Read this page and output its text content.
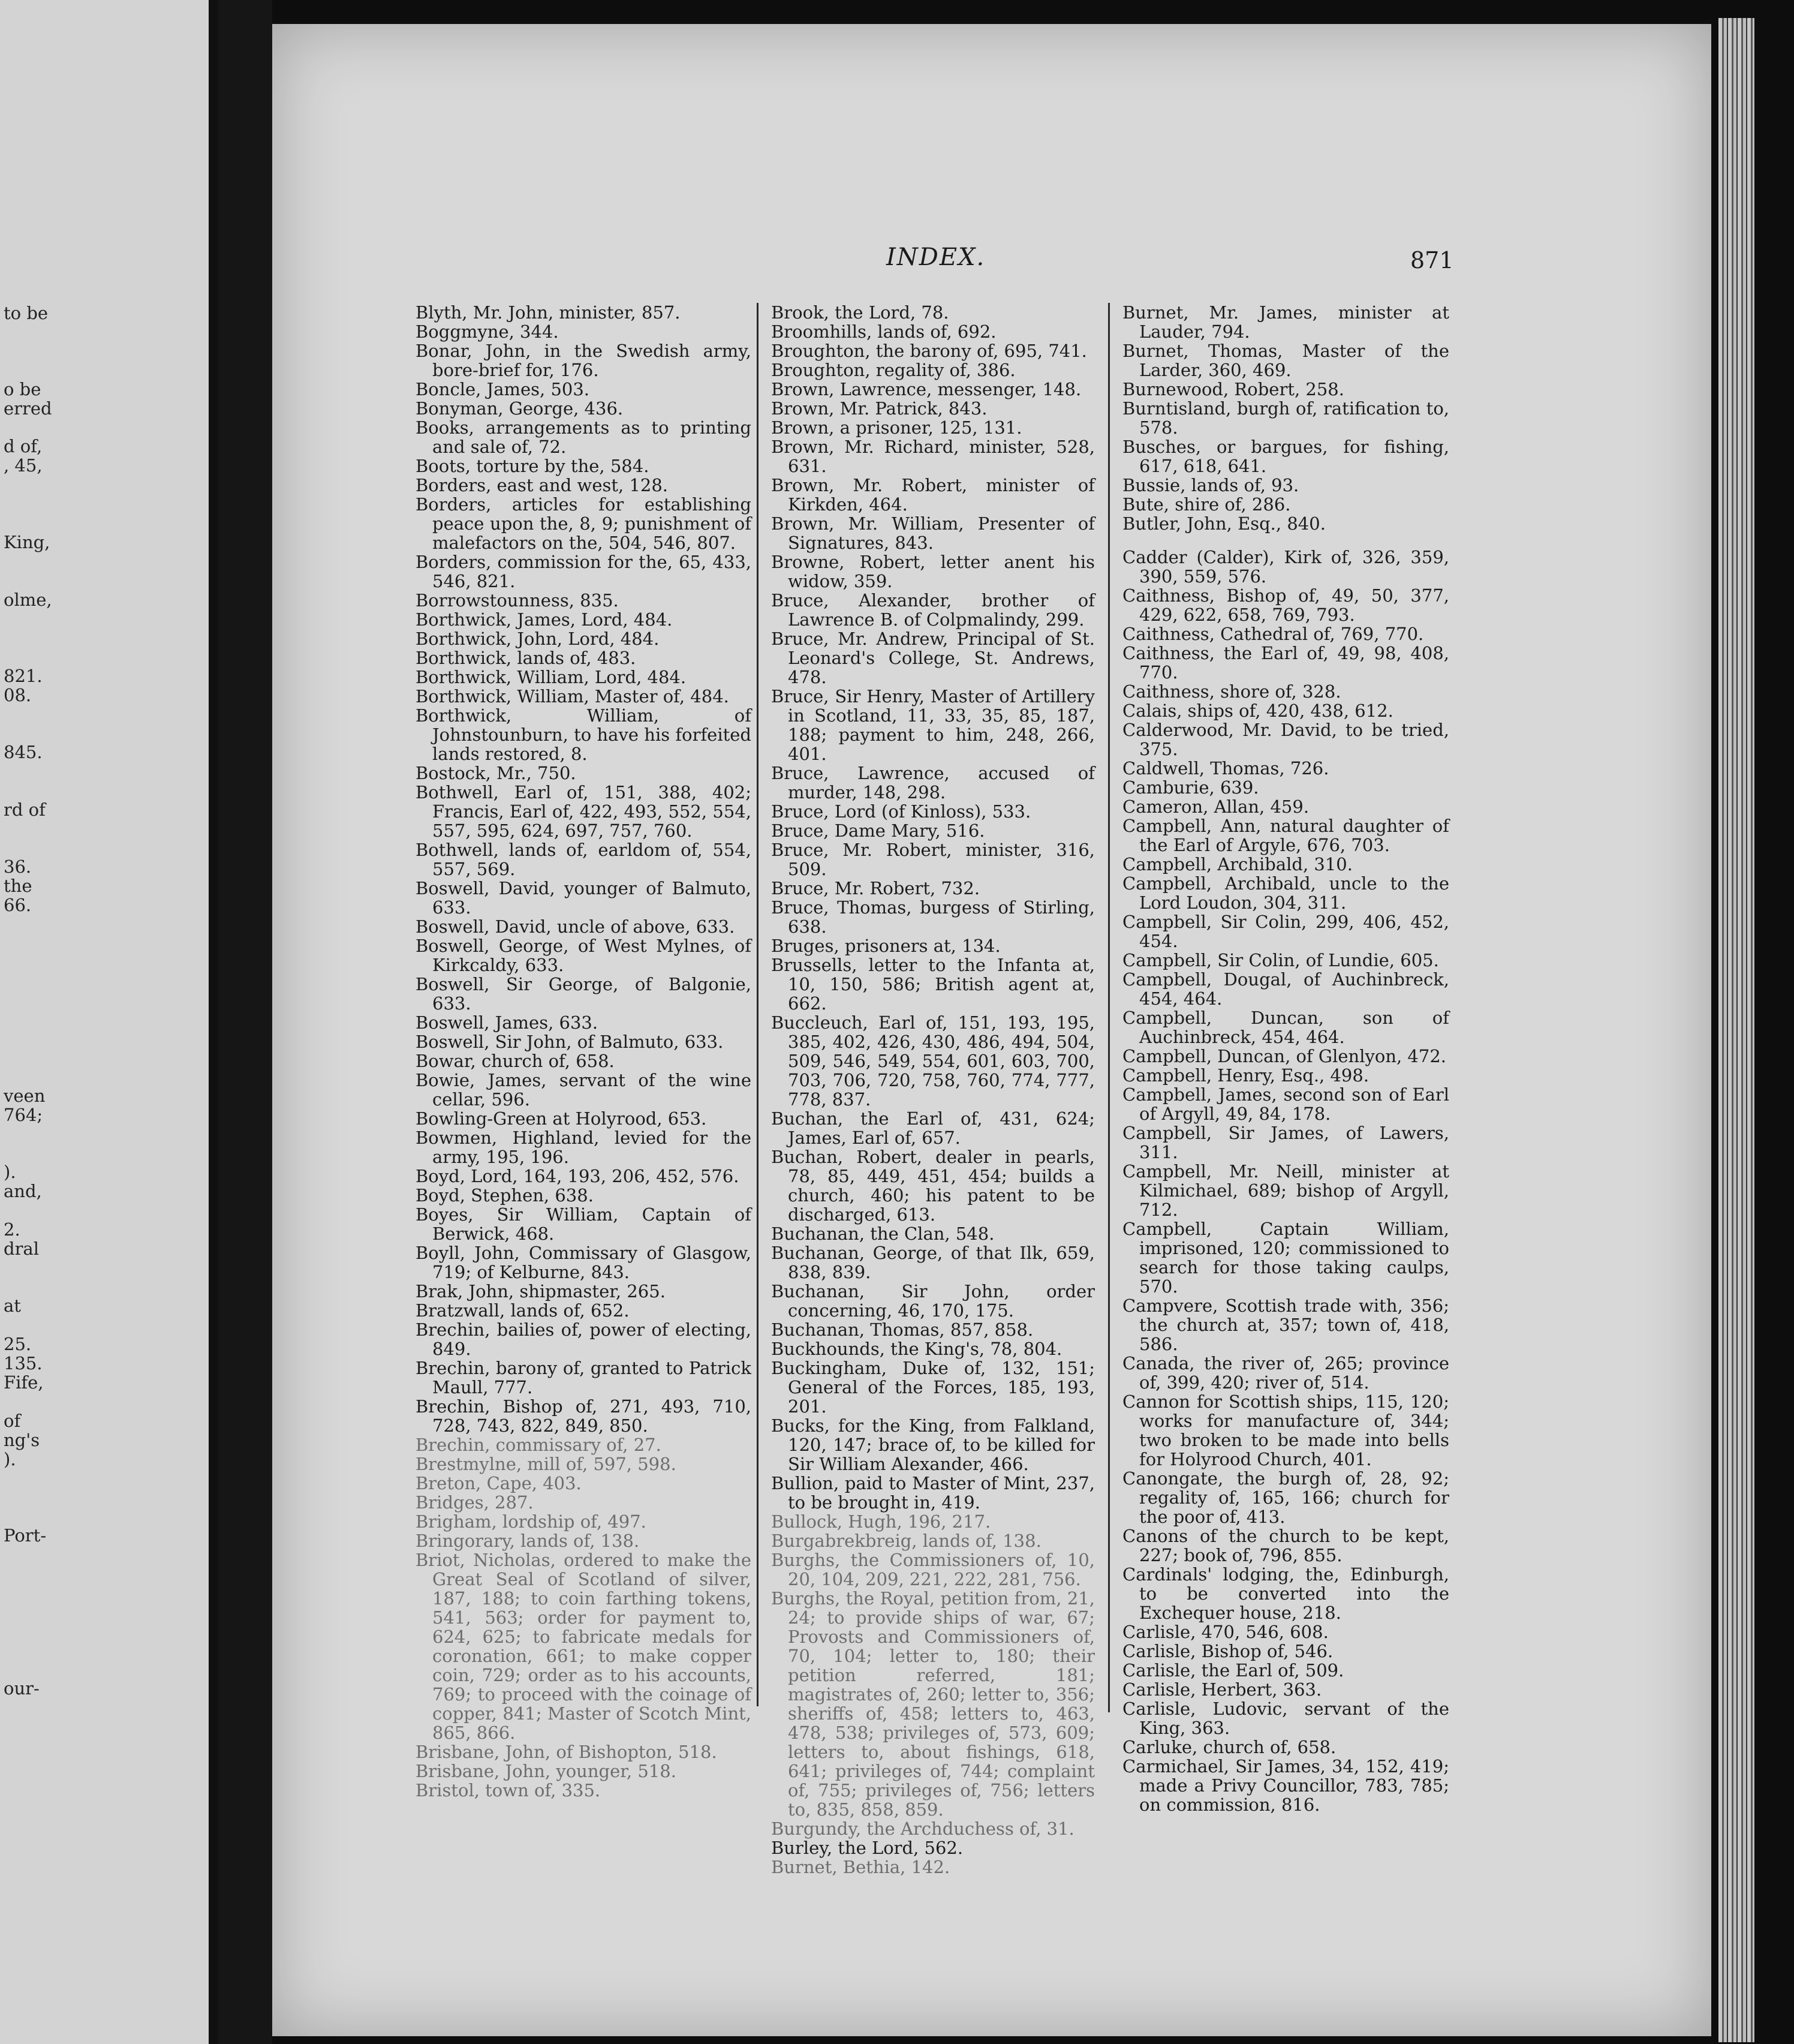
to be
o be
erred
d of,
, 45,
King,
olme,
821.
08.
845.
rd of
36.
the
66.
veen
764;
).
and,
2.
dral
at
25.
135.
Fife,
of
ng's
).
Port-
our-
INDEX.	871

Blyth, Mr. John, minister, 857.

Boggmyne, 344.

Bonar, John, in the Swedish army, bore-brief for, 176.

Boncle, James, 503.

Bonyman, George, 436.

Books, arrangements as to printing and sale of, 72.

Boots, torture by the, 584.

Borders, east and west, 128.

Borders, articles for establishing peace upon the, 8, 9; punishment of malefactors on the, 504, 546, 807.

Borders, commission for the, 65, 433, 546, 821.

Borrowstounness, 835.

Borthwick, James, Lord, 484.

Borthwick, John, Lord, 484.

Borthwick, lands of, 483.

Borthwick, William, Lord, 484.

Borthwick, William, Master of, 484.

Borthwick, William, of Johnstounburn, to have his forfeited lands restored, 8.

Bostock, Mr., 750.

Bothwell, Earl of, 151, 388, 402; Francis, Earl of, 422, 493, 552, 554, 557, 595, 624, 697, 757, 760.

Bothwell, lands of, earldom of, 554, 557, 569.

Boswell, David, younger of Balmuto, 633.

Boswell, David, uncle of above, 633.

Boswell, George, of West Mylnes, of Kirkcaldy, 633.

Boswell, Sir George, of Balgonie, 633.

Boswell, James, 633.

Boswell, Sir John, of Balmuto, 633.

Bowar, church of, 658.

Bowie, James, servant of the wine cellar, 596.

Bowling-Green at Holyrood, 653.

Bowmen, Highland, levied for the army, 195, 196.

Boyd, Lord, 164, 193, 206, 452, 576.

Boyd, Stephen, 638.

Boyes, Sir William, Captain of Berwick, 468.

Boyll, John, Commissary of Glasgow, 719; of Kelburne, 843.

Brak, John, shipmaster, 265.

Bratzwall, lands of, 652.

Brechin, bailies of, power of electing, 849.

Brechin, barony of, granted to Patrick Maull, 777.

Brechin, Bishop of, 271, 493, 710, 728, 743, 822, 849, 850.

Brechin, commissary of, 27.

Brestmylne, mill of, 597, 598.

Breton, Cape, 403.

Bridges, 287.

Brigham, lordship of, 497.

Bringorary, lands of, 138.

Briot, Nicholas, ordered to make the Great Seal of Scotland of silver, 187, 188; to coin farthing tokens, 541, 563; order for payment to, 624, 625; to fabricate medals for coronation, 661; to make copper coin, 729; order as to his accounts, 769; to proceed with the coinage of copper, 841; Master of Scotch Mint, 865, 866.

Brisbane, John, of Bishopton, 518.

Brisbane, John, younger, 518.

Bristol, town of, 335.

Brook, the Lord, 78.

Broomhills, lands of, 692.

Broughton, the barony of, 695, 741.

Broughton, regality of, 386.

Brown, Lawrence, messenger, 148.

Brown, Mr. Patrick, 843.

Brown, a prisoner, 125, 131.

Brown, Mr. Richard, minister, 528, 631.

Brown, Mr. Robert, minister of Kirkden, 464.

Brown, Mr. William, Presenter of Signatures, 843.

Browne, Robert, letter anent his widow, 359.

Bruce, Alexander, brother of Lawrence B. of Colpmalindy, 299.

Bruce, Mr. Andrew, Principal of St. Leonard's College, St. Andrews, 478.

Bruce, Sir Henry, Master of Artillery in Scotland, 11, 33, 35, 85, 187, 188; payment to him, 248, 266, 401.

Bruce, Lawrence, accused of murder, 148, 298.

Bruce, Lord (of Kinloss), 533.

Bruce, Dame Mary, 516.

Bruce, Mr. Robert, minister, 316, 509.

Bruce, Mr. Robert, 732.

Bruce, Thomas, burgess of Stirling, 638.

Bruges, prisoners at, 134.

Brussells, letter to the Infanta at, 10, 150, 586; British agent at, 662.

Buccleuch, Earl of, 151, 193, 195, 385, 402, 426, 430, 486, 494, 504, 509, 546, 549, 554, 601, 603, 700, 703, 706, 720, 758, 760, 774, 777, 778, 837.

Buchan, the Earl of, 431, 624; James, Earl of, 657.

Buchan, Robert, dealer in pearls, 78, 85, 449, 451, 454; builds a church, 460; his patent to be discharged, 613.

Buchanan, the Clan, 548.

Buchanan, George, of that Ilk, 659, 838, 839.

Buchanan, Sir John, order concerning, 46, 170, 175.

Buchanan, Thomas, 857, 858.

Buckhounds, the King's, 78, 804.

Buckingham, Duke of, 132, 151; General of the Forces, 185, 193, 201.

Bucks, for the King, from Falkland, 120, 147; brace of, to be killed for Sir William Alexander, 466.

Bullion, paid to Master of Mint, 237, to be brought in, 419.

Bullock, Hugh, 196, 217.

Burgabrekbreig, lands of, 138.

Burghs, the Commissioners of, 10, 20, 104, 209, 221, 222, 281, 756.

Burghs, the Royal, petition from, 21, 24; to provide ships of war, 67; Provosts and Commissioners of, 70, 104; letter to, 180; their petition referred, 181; magistrates of, 260; letter to, 356; sheriffs of, 458; letters to, 463, 478, 538; privileges of, 573, 609; letters to, about fishings, 618, 641; privileges of, 744; complaint of, 755; privileges of, 756; letters to, 835, 858, 859.

Burgundy, the Archduchess of, 31.

Burley, the Lord, 562.

Burnet, Bethia, 142.

Burnet, Mr. James, minister at Lauder, 794.

Burnet, Thomas, Master of the Larder, 360, 469.

Burnewood, Robert, 258.

Burntisland, burgh of, ratification to, 578.

Busches, or bargues, for fishing, 617, 618, 641.

Bussie, lands of, 93.

Bute, shire of, 286.

Butler, John, Esq., 840.

Cadder (Calder), Kirk of, 326, 359, 390, 559, 576.

Caithness, Bishop of, 49, 50, 377, 429, 622, 658, 769, 793.

Caithness, Cathedral of, 769, 770.

Caithness, the Earl of, 49, 98, 408, 770.

Caithness, shore of, 328.

Calais, ships of, 420, 438, 612.

Calderwood, Mr. David, to be tried, 375.

Caldwell, Thomas, 726.

Camburie, 639.

Cameron, Allan, 459.

Campbell, Ann, natural daughter of the Earl of Argyle, 676, 703.

Campbell, Archibald, 310.

Campbell, Archibald, uncle to the Lord Loudon, 304, 311.

Campbell, Sir Colin, 299, 406, 452, 454.

Campbell, Sir Colin, of Lundie, 605.

Campbell, Dougal, of Auchinbreck, 454, 464.

Campbell, Duncan, son of Auchinbreck, 454, 464.

Campbell, Duncan, of Glenlyon, 472.

Campbell, Henry, Esq., 498.

Campbell, James, second son of Earl of Argyll, 49, 84, 178.

Campbell, Sir James, of Lawers, 311.

Campbell, Mr. Neill, minister at Kilmichael, 689; bishop of Argyll, 712.

Campbell, Captain William, imprisoned, 120; commissioned to search for those taking caulps, 570.

Campvere, Scottish trade with, 356; the church at, 357; town of, 418, 586.

Canada, the river of, 265; province of, 399, 420; river of, 514.

Cannon for Scottish ships, 115, 120; works for manufacture of, 344; two broken to be made into bells for Holyrood Church, 401.

Canongate, the burgh of, 28, 92; regality of, 165, 166; church for the poor of, 413.

Canons of the church to be kept, 227; book of, 796, 855.

Cardinals' lodging, the, Edinburgh, to be converted into the Exchequer house, 218.

Carlisle, 470, 546, 608.

Carlisle, Bishop of, 546.

Carlisle, the Earl of, 509.

Carlisle, Herbert, 363.

Carlisle, Ludovic, servant of the King, 363.

Carluke, church of, 658.

Carmichael, Sir James, 34, 152, 419; made a Privy Councillor, 783, 785; on commission, 816.
